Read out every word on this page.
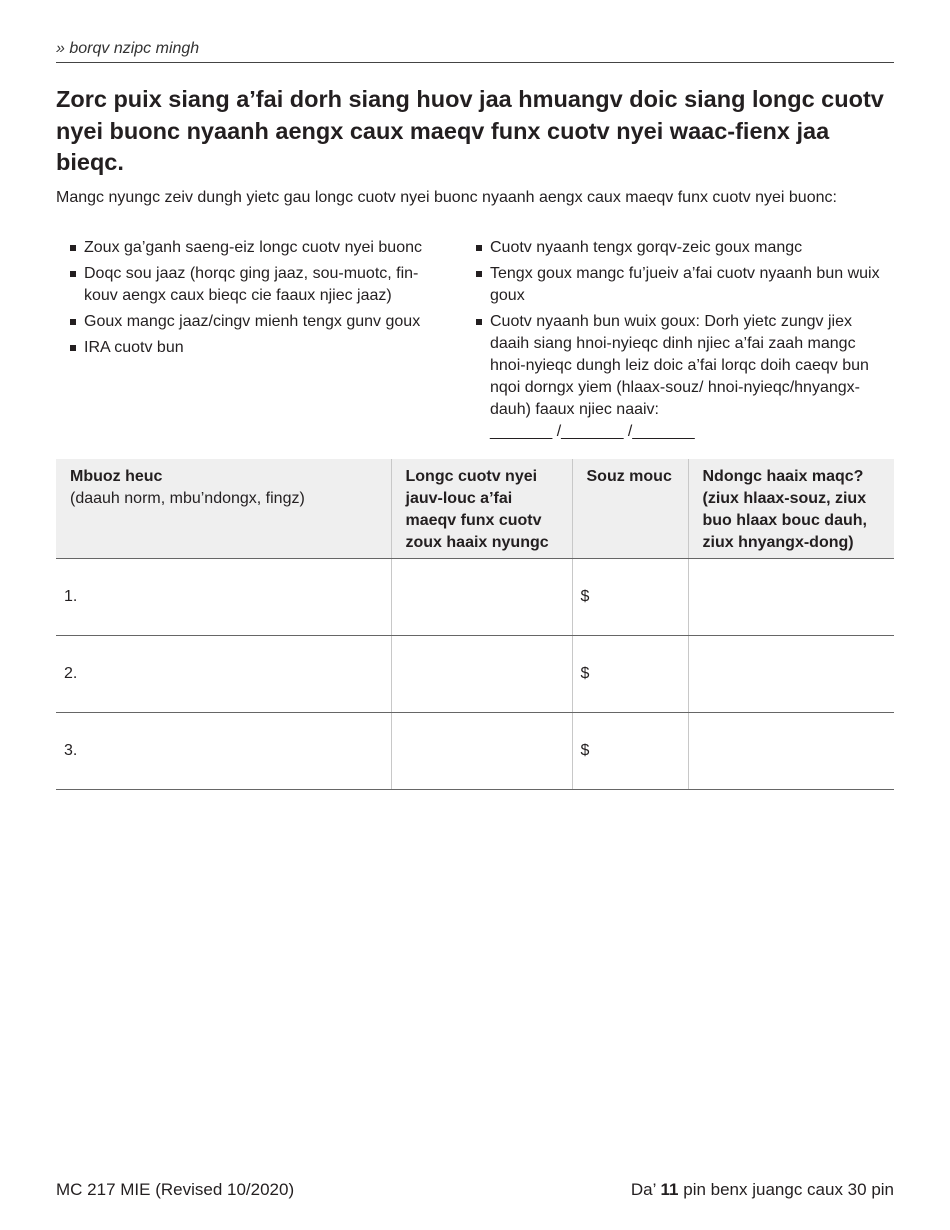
» borqv nzipc mingh
Zorc puix siang a’fai dorh siang huov jaa hmuangv doic siang longc cuotv nyei buonc nyaanh aengx caux maeqv funx cuotv nyei waac-fienx jaa bieqc.

Mangc nyungc zeiv dungh yietc gau longc cuotv nyei buonc nyaanh aengx caux maeqv funx cuotv nyei buonc:

Zoux ga’ganh saeng-eiz longc cuotv nyei buonc
Doqc sou jaaz (horqc ging jaaz, sou-muotc, fin-kouv aengx caux bieqc cie faaux njiec jaaz)
Goux mangc jaaz/cingv mienh tengx gunv goux
IRA cuotv bun
Cuotv nyaanh tengx gorqv-zeic goux mangc
Tengx goux mangc fu’jueiv a’fai cuotv nyaanh bun wuix goux
Cuotv nyaanh bun wuix goux: Dorh yietc zungv jiex daaih siang hnoi-nyieqc dinh njiec a’fai zaah mangc hnoi-nyieqc dungh leiz doic a’fai lorqc doih caeqv bun nqoi dorngx yiem (hlaax-souz/ hnoi-nyieqc/hnyangx-dauh) faaux njiec naaiv:
_______ /_______ /_______
Mbuoz heuc
(daauh norm, mbu’ndongx, fingz)	Longc cuotv nyei jauv-louc a’fai maeqv funx cuotv zoux haaix nyungc	Souz mouc	Ndongc haaix maqc? (ziux hlaax-souz, ziux buo hlaax bouc dauh, ziux hnyangx-dong)
1.		$	
2.		$	
3.		$	
MC 217 MIE (Revised 10/2020)	Da’ 11 pin benx juangc caux 30 pin
